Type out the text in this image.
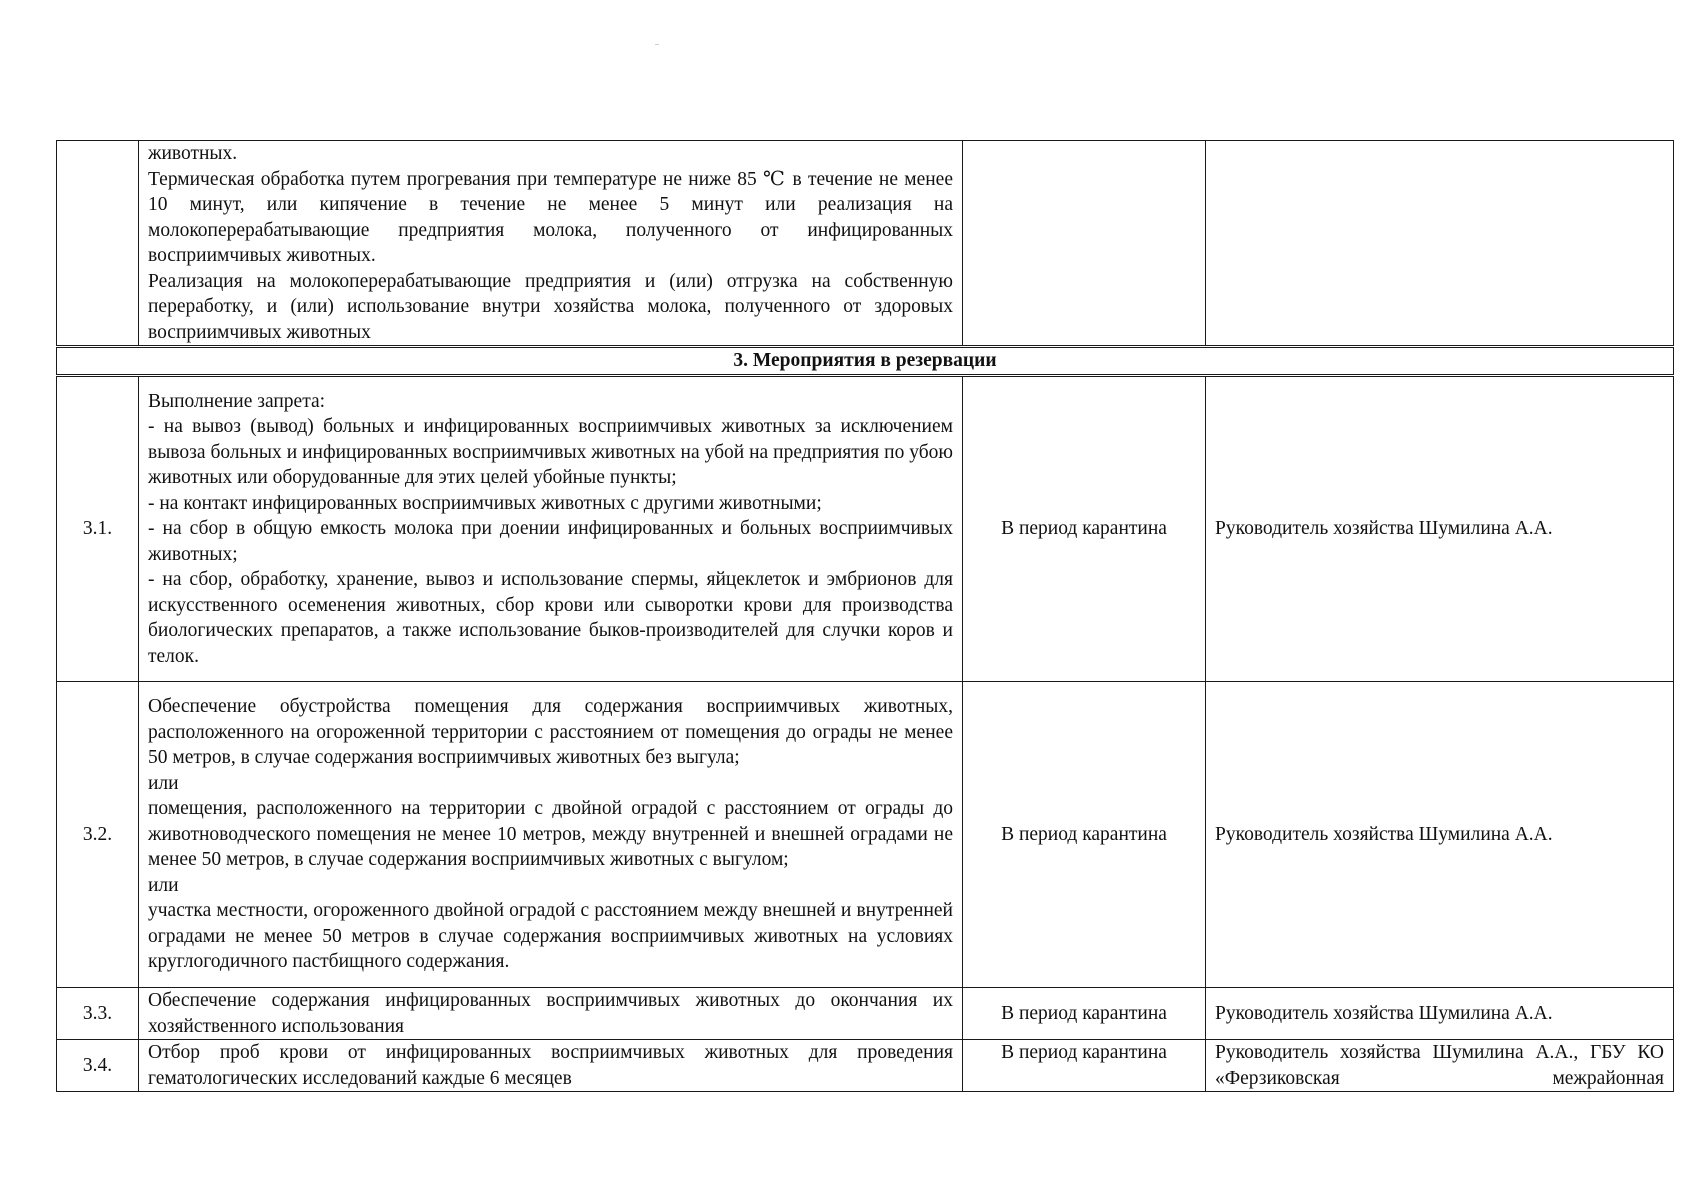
	животных.

Термическая обработка путем прогревания при температуре не ниже 85 ℃ в течение не менее 10 минут, или кипячение в течение не менее 5 минут или реализация на молокоперерабатывающие предприятия молока, полученного от инфицированных восприимчивых животных.

Реализация на молокоперерабатывающие предприятия и (или) отгрузка на собственную переработку, и (или) использование внутри хозяйства молока, полученного от здоровых восприимчивых животных		

3. Мероприятия в резервации			
3.1.	Выполнение запрета:

- на вывоз (вывод) больных и инфицированных восприимчивых животных за исключением вывоза больных и инфицированных восприимчивых животных на убой на предприятия по убою животных или оборудованные для этих целей убойные пункты;

- на контакт инфицированных восприимчивых животных с другими животными;

- на сбор в общую емкость молока при доении инфицированных и больных восприимчивых животных;

- на сбор, обработку, хранение, вывоз и использование спермы, яйцеклеток и эмбрионов для искусственного осеменения животных, сбор крови или сыворотки крови для производства биологических препаратов, а также использование быков-производителей для случки коров и телок.	В период карантина	Руководитель хозяйства Шумилина А.А.
3.2.	Обеспечение обустройства помещения для содержания восприимчивых животных, расположенного на огороженной территории с расстоянием от помещения до ограды не менее 50 метров, в случае содержания восприимчивых животных без выгула;

или

помещения, расположенного на территории с двойной оградой с расстоянием от ограды до животноводческого помещения не менее 10 метров, между внутренней и внешней оградами не менее 50 метров, в случае содержания восприимчивых животных с выгулом;

или

участка местности, огороженного двойной оградой с расстоянием между внешней и внутренней оградами не менее 50 метров в случае содержания восприимчивых животных на условиях круглогодичного пастбищного содержания.	В период карантина	Руководитель хозяйства Шумилина А.А.
3.3.	Обеспечение содержания инфицированных восприимчивых животных до окончания их хозяйственного использования	В период карантина	Руководитель хозяйства Шумилина А.А.
3.4.	Отбор проб крови от инфицированных восприимчивых животных для проведения гематологических исследований каждые 6 месяцев	В период карантина	Руководитель хозяйства Шумилина А.А., ГБУ КО «Ферзиковская межрайонная
